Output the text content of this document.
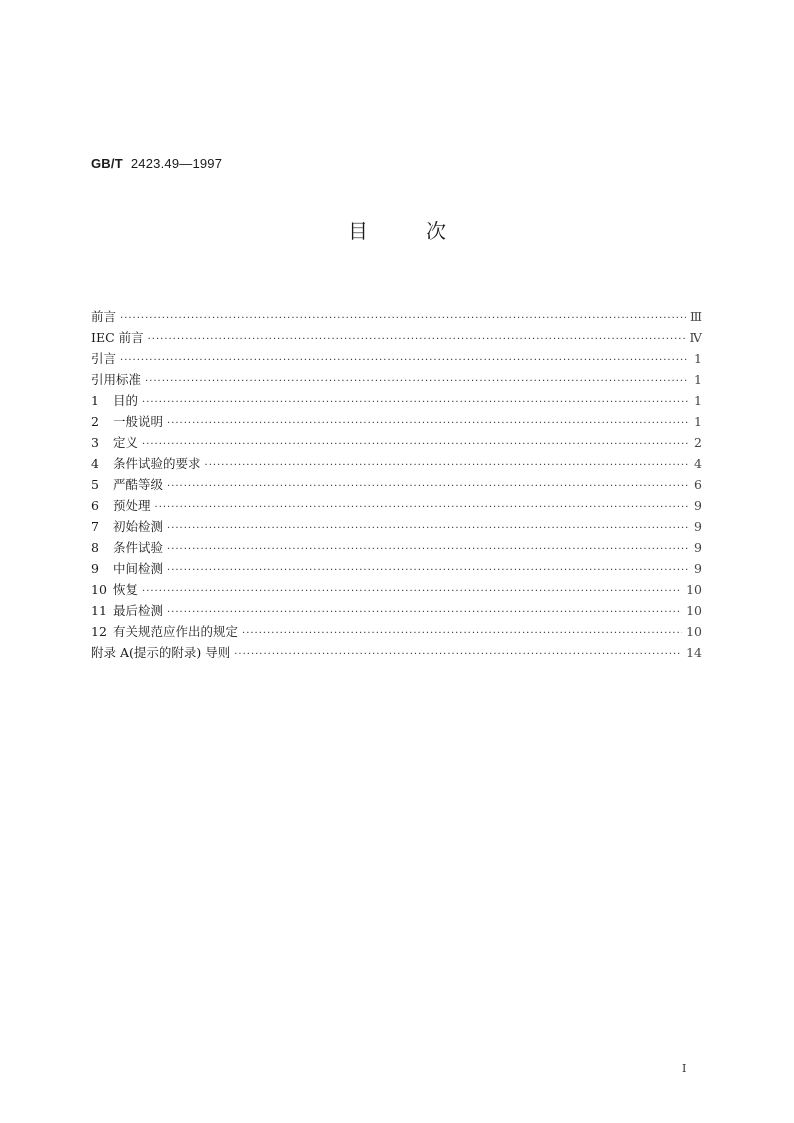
GB/T 2423.49—1997
目次
前言 ·····	Ⅲ
IEC 前言 ·····	Ⅳ
引言 ·····	1
引用标准 ·····	1
1	目的 ·····	1
2	一般说明 ·····	1
3	定义 ·····	2
4	条件试验的要求 ·····	4
5	严酷等级 ·····	6
6	预处理 ·····	9
7	初始检测 ·····	9
8	条件试验 ·····	9
9	中间检测 ·····	9
10 恢复 ·····	10
11 最后检测 ·····	10
12 有关规范应作出的规定 ·····	10
附录 A(提示的附录) 导则 ·····	14
I
